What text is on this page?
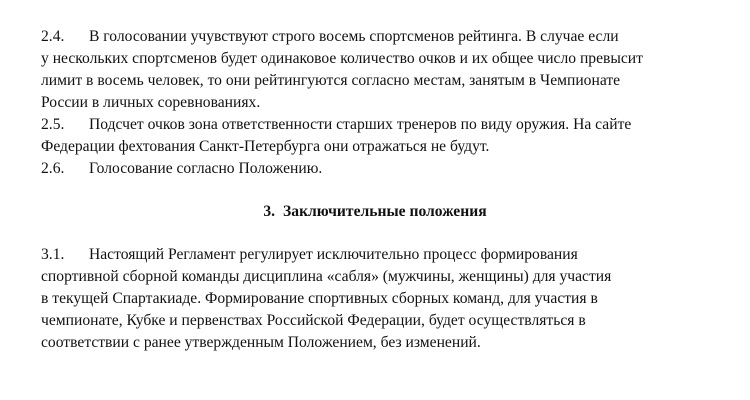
2.4. В голосовании учувствуют строго восемь спортсменов рейтинга. В случае если
у нескольких спортсменов будет одинаковое количество очков и их общее число превысит
лимит в восемь человек, то они рейтингуются согласно местам, занятым в Чемпионате
России в личных соревнованиях.
2.5. Подсчет очков зона ответственности старших тренеров по виду оружия. На сайте
Федерации фехтования Санкт-Петербурга они отражаться не будут.
2.6. Голосование согласно Положению.
3. Заключительные положения
3.1. Настоящий Регламент регулирует исключительно процесс формирования
спортивной сборной команды дисциплина «сабля» (мужчины, женщины) для участия
в текущей Спартакиаде. Формирование спортивных сборных команд, для участия в
чемпионате, Кубке и первенствах Российской Федерации, будет осуществляться в
соответствии с ранее утвержденным Положением, без изменений.
